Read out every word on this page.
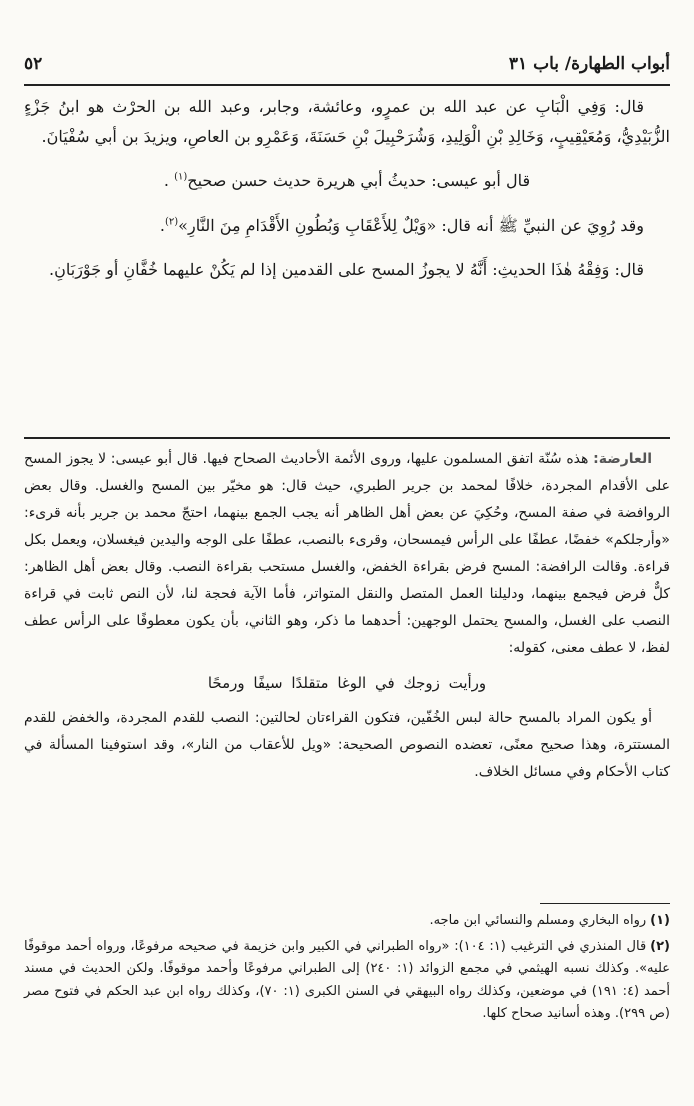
أبواب الطهارة/ باب ٣١
٥٢

قال: وَفِي الْبَابِ عن عبد الله بن عمرٍو، وعائشة، وجابر، وعبد الله بن الحرْث هو ابنُ جَزْءٍ الزُّبَيْدِيُّ، وَمُعَيْقِيبٍ، وَخَالِدِ بْنِ الْوَلِيدِ، وَشُرَحْبِيلَ بْنِ حَسَنَةَ، وَعَمْرِو بن العاصِ، ويزيدَ بن أبي سُفْيَانَ.

قال أبو عيسى: حديثُ أبي هريرة حديث حسن صحيح$^{(١)}$ .

وقد رُوِيَ عن النبيِّ ﷺ أنه قال: «وَيْلٌ لِلأَعْقَابِ وَبُطُونِ الأَقْدَامِ مِنَ النَّارِ»$^{(٢)}$.

قال: وَفِقْهُ هٰذَا الحديثِ: أَنَّهُ لا يجوزُ المسح على القدمين إذا لم يَكُنْ عليهما خُفَّانِ أو جَوْرَبَانِ.

العارضة: هذه سُنّة اتفق المسلمون عليها، وروى الأئمة الأحاديث الصحاح فيها. قال أبو عيسى: لا يجوز المسح على الأقدام المجردة، خلافًا لمحمد بن جرير الطبري، حيث قال: هو مخيّر بين المسح والغسل. وقال بعض الروافضة في صفة المسح، وحُكِيَ عن بعض أهل الظاهر أنه يجب الجمع بينهما، احتجّ محمد بن جرير بأنه قرىء: «وأرجلكم» خفضًا، عطفًا على الرأس فيمسحان، وقرىء بالنصب، عطفًا على الوجه واليدين فيغسلان، ويعمل بكل قراءة. وقالت الرافضة: المسح فرض بقراءة الخفض، والغسل مستحب بقراءة النصب. وقال بعض أهل الظاهر: كلٌّ فرض فيجمع بينهما، ودليلنا العمل المتصل والنقل المتواتر، فأما الآية فحجة لنا، لأن النص ثابت في قراءة النصب على الغسل، والمسح يحتمل الوجهين: أحدهما ما ذكر، وهو الثاني، بأن يكون معطوفًا على الرأس عطف لفظ، لا عطف معنى، كقوله:

ورأيت زوجك في الوغا متقلدًا سيفًا ورمحًا

أو يكون المراد بالمسح حالة لبس الخُفّين، فتكون القراءتان لحالتين: النصب للقدم المجردة، والخفض للقدم المستترة، وهذا صحيح معنًى، تعضده النصوص الصحيحة: «ويل للأعقاب من النار»، وقد استوفينا المسألة في كتاب الأحكام وفي مسائل الخلاف.

(١)رواه البخاري ومسلم والنسائي ابن ماجه.

(٢)قال المنذري في الترغيب (١: ١٠٤): «رواه الطبراني في الكبير وابن خزيمة في صحيحه مرفوعًا، ورواه أحمد موقوفًا عليه». وكذلك نسبه الهيثمي في مجمع الزوائد (١: ٢٤٠) إلى الطبراني مرفوعًا وأحمد موقوفًا. ولكن الحديث في مسند أحمد (٤: ١٩١) في موضعين، وكذلك رواه البيهقي في السنن الكبرى (١: ٧٠)، وكذلك رواه ابن عبد الحكم في فتوح مصر (ص ٢٩٩). وهذه أسانيد صحاح كلها.
